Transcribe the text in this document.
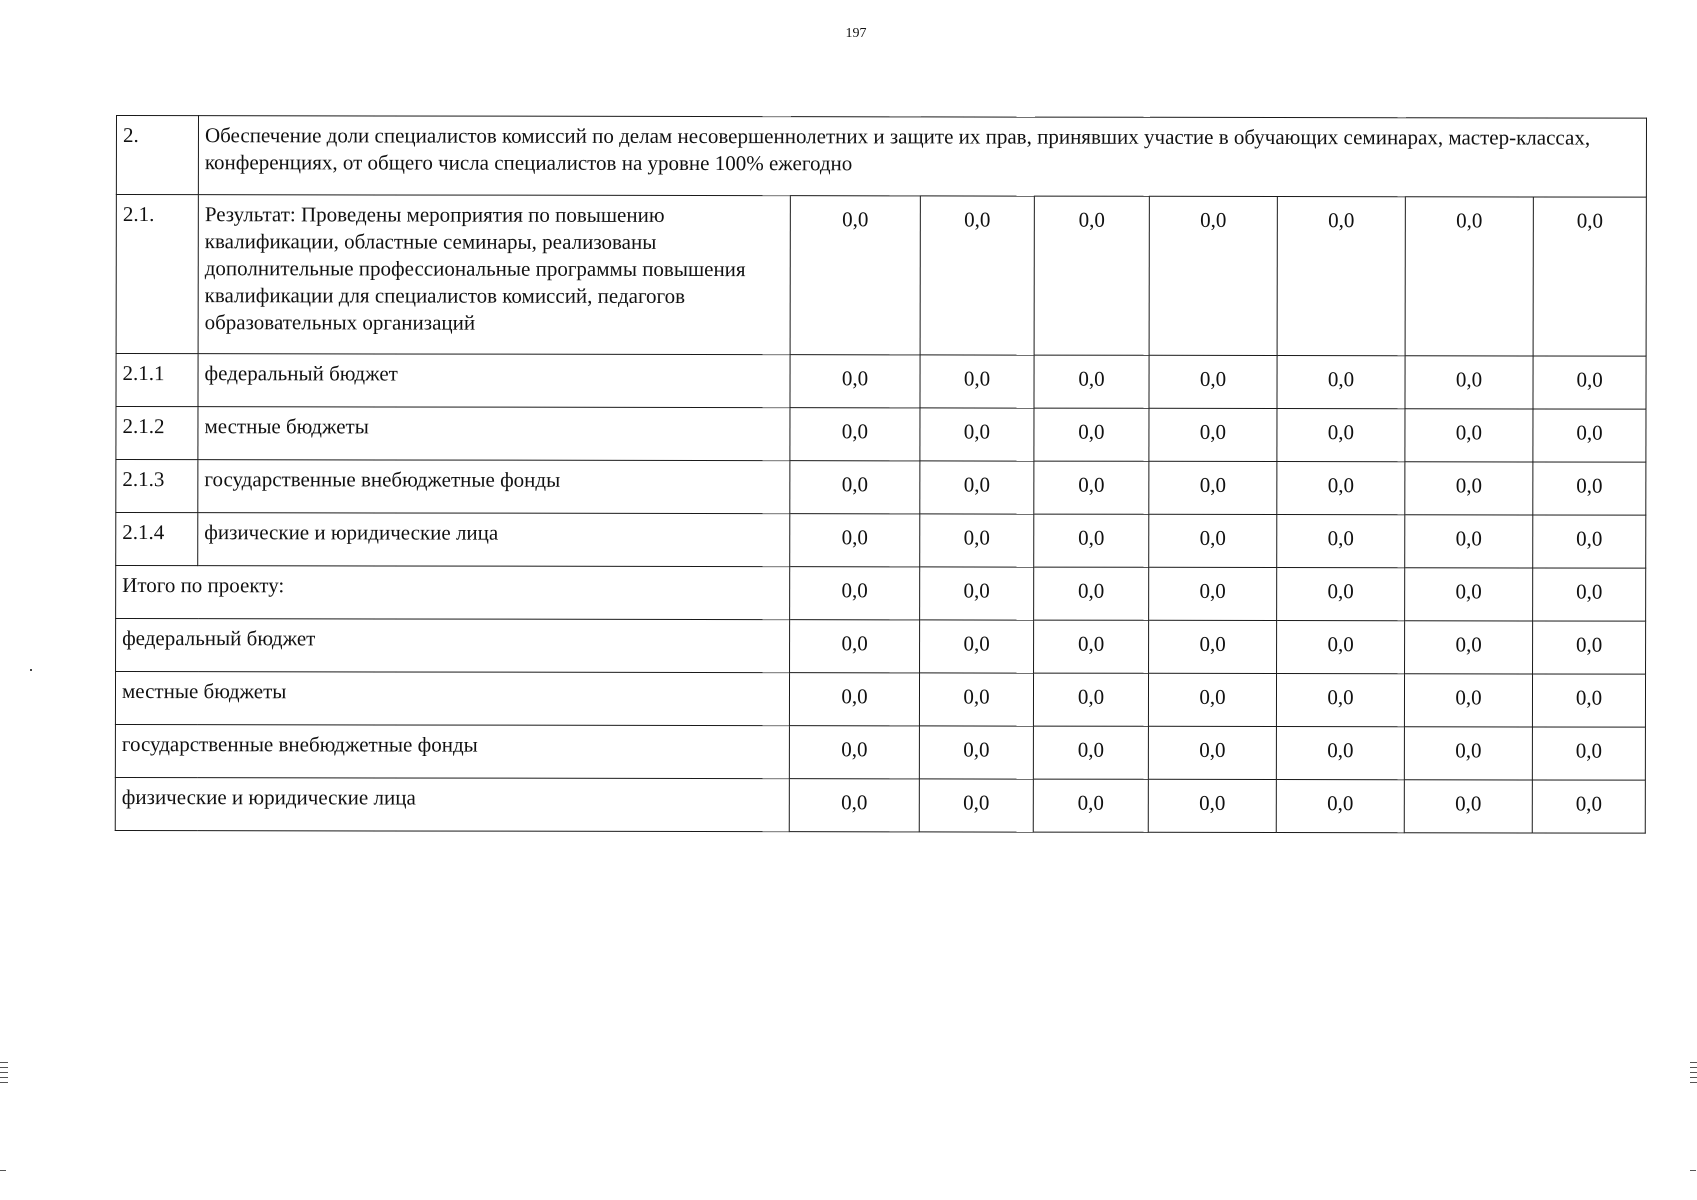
197
2.	Обеспечение доли специалистов комиссий по делам несовершеннолетних и защите их прав, принявших участие в обучающих семинарах, мастер-классах, конференциях, от общего числа специалистов на уровне 100% ежегодно							
2.1.	Результат: Проведены мероприятия по повышению квалификации, областные семинары, реализованы дополнительные профессиональные программы повышения квалификации для специалистов комиссий, педагогов образовательных организаций	0,0	0,0	0,0	0,0	0,0	0,0	0,0
2.1.1	федеральный бюджет	0,0	0,0	0,0	0,0	0,0	0,0	0,0
2.1.2	местные бюджеты	0,0	0,0	0,0	0,0	0,0	0,0	0,0
2.1.3	государственные внебюджетные фонды	0,0	0,0	0,0	0,0	0,0	0,0	0,0
2.1.4	физические и юридические лица	0,0	0,0	0,0	0,0	0,0	0,0	0,0
Итого по проекту:		0,0	0,0	0,0	0,0	0,0	0,0	0,0
федеральный бюджет		0,0	0,0	0,0	0,0	0,0	0,0	0,0
местные бюджеты		0,0	0,0	0,0	0,0	0,0	0,0	0,0
государственные внебюджетные фонды		0,0	0,0	0,0	0,0	0,0	0,0	0,0
физические и юридические лица		0,0	0,0	0,0	0,0	0,0	0,0	0,0
